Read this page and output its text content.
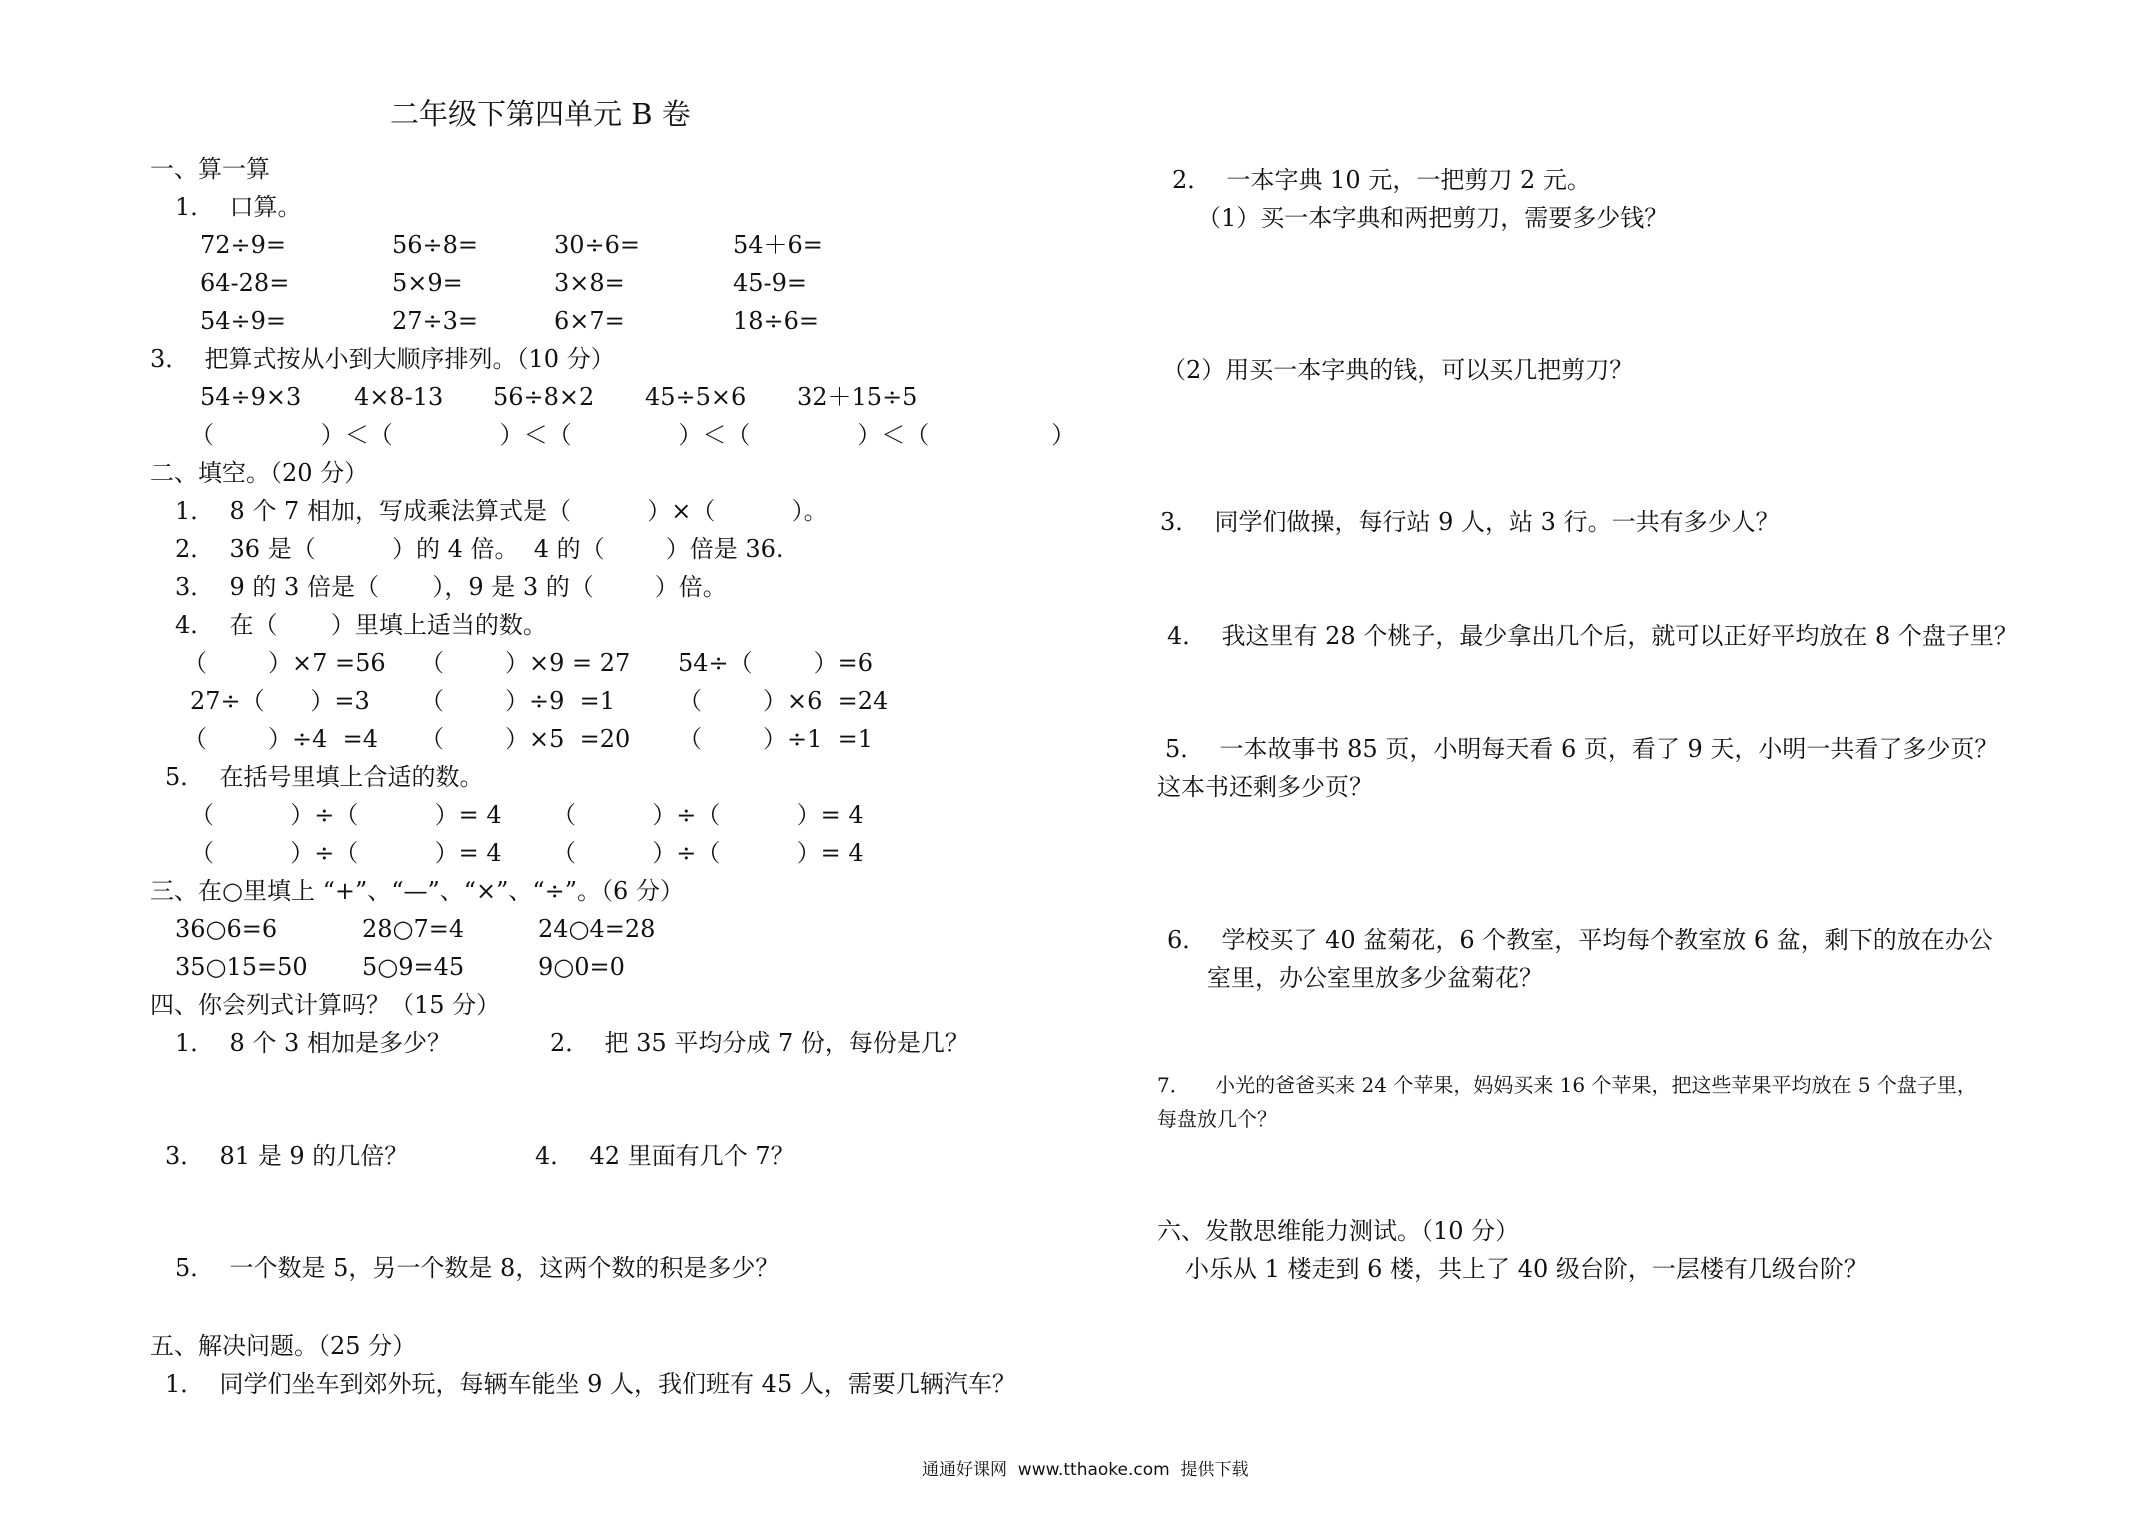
二年级下第四单元 B 卷
一、算一算
1．  口算。
72÷9=	56÷8=	30÷6=	54＋6=
64-28=	5×9=	3×8=	45-9=
54÷9=	27÷3=	6×7=	18÷6=
3．  把算式按从小到大顺序排列。（10 分）
54÷9×3 4×8-13 56÷8×2 45÷5×6 32＋15÷5
（              ）＜（              ）＜（              ）＜（              ）＜（                ）
二、填空。（20 分）
1．  8 个 7 相加，写成乘法算式是（          ）×（          ）。
2．  36 是（          ）的 4 倍。  4 的（        ）倍是 36.
3．  9 的 3 倍是（       ），9 是 3 的（        ）倍。
4．  在（       ）里填上适当的数。
（        ）×7 =56 （        ）×9 = 27 54÷（        ）=6
27÷（      ）=3 （        ）÷9  =1	（        ）×6  =24
（        ）÷4  =4 （        ）×5  =20 （        ）÷1  =1
5．  在括号里填上合适的数。
（          ）÷（          ）= 4 （          ）÷（          ）= 4
（          ）÷（          ）= 4 （          ）÷（          ）= 4
三、在○里填上 “+”、“—”、“×”、“÷”。（6 分）
36○6=6	28○7=4	24○4=28
35○15=50 5○9=45	9○0=0
四、你会列式计算吗？（15 分）
1．  8 个 3 相加是多少？	2．  把 35 平均分成 7 份，每份是几？
3．  81 是 9 的几倍？	4．  42 里面有几个 7？
5．  一个数是 5，另一个数是 8，这两个数的积是多少？
五、解决问题。（25 分）
1．  同学们坐车到郊外玩，每辆车能坐 9 人，我们班有 45 人，需要几辆汽车？
2．  一本字典 10 元，一把剪刀 2 元。
（1）买一本字典和两把剪刀，需要多少钱？
（2）用买一本字典的钱，可以买几把剪刀？
3．  同学们做操，每行站 9 人，站 3 行。一共有多少人？
4．  我这里有 28 个桃子，最少拿出几个后，就可以正好平均放在 8 个盘子里？
5．  一本故事书 85 页，小明每天看 6 页，看了 9 天，小明一共看了多少页？
这本书还剩多少页？
6．  学校买了 40 盆菊花，6 个教室，平均每个教室放 6 盆，剩下的放在办公
室里，办公室里放多少盆菊花？
六、发散思维能力测试。（10 分）
小乐从 1 楼走到 6 楼，共上了 40 级台阶，一层楼有几级台阶？
7．    小光的爸爸买来 24 个苹果，妈妈买来 16 个苹果，把这些苹果平均放在 5 个盘子里，
每盘放几个？
通通好课网  www.tthaoke.com  提供下载
